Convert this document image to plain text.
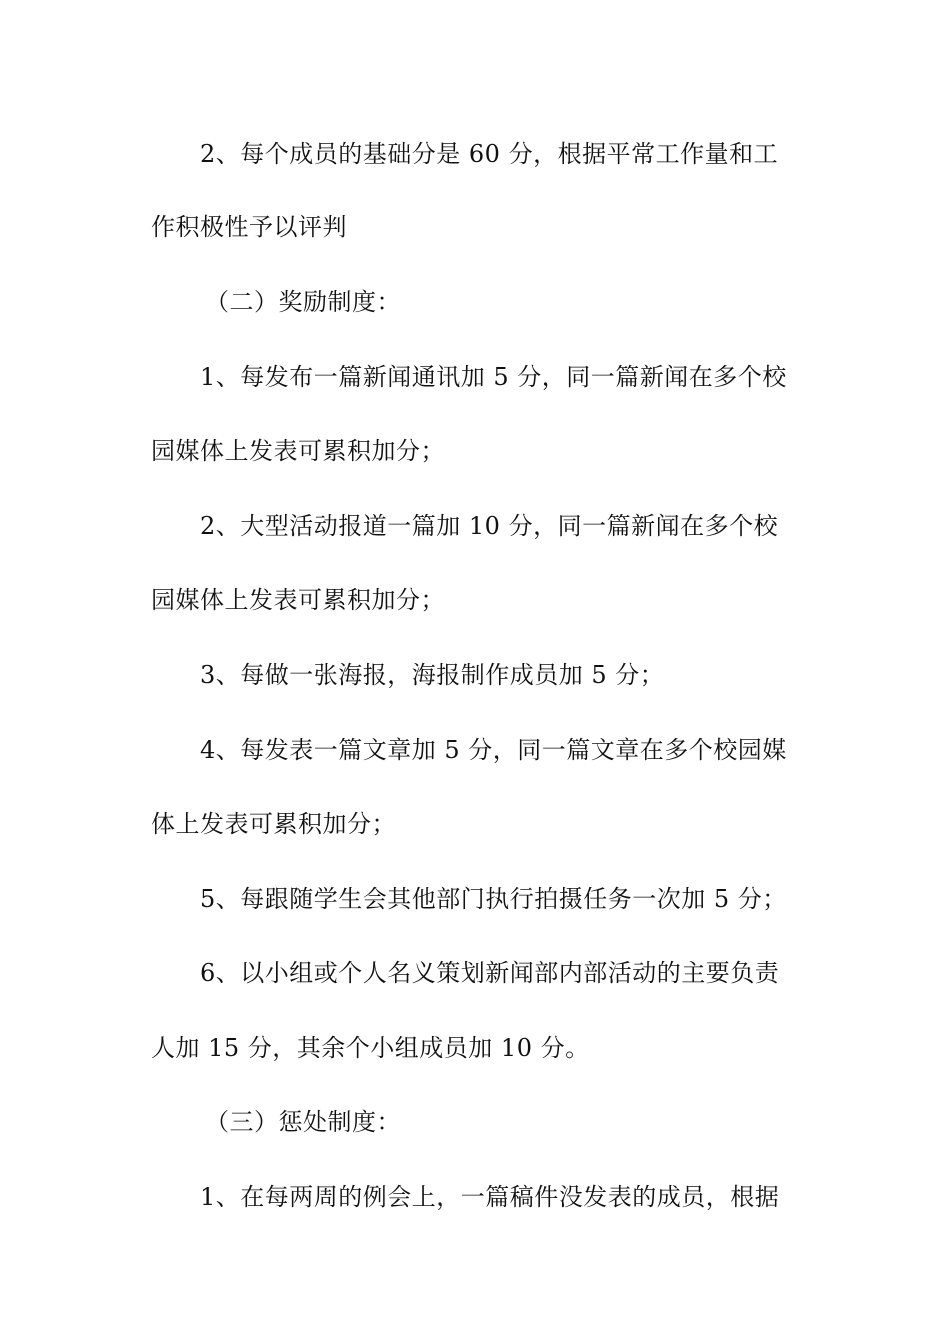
2、每个成员的基础分是 60 分，根据平常工作量和工
作积极性予以评判
（二）奖励制度：
1、每发布一篇新闻通讯加 5 分，同一篇新闻在多个校
园媒体上发表可累积加分；
2、大型活动报道一篇加 10 分，同一篇新闻在多个校
园媒体上发表可累积加分；
3、每做一张海报，海报制作成员加 5 分；
4、每发表一篇文章加 5 分，同一篇文章在多个校园媒
体上发表可累积加分；
5、每跟随学生会其他部门执行拍摄任务一次加 5 分；
6、以小组或个人名义策划新闻部内部活动的主要负责
人加 15 分，其余个小组成员加 10 分。
（三）惩处制度：
1、在每两周的例会上，一篇稿件没发表的成员，根据
